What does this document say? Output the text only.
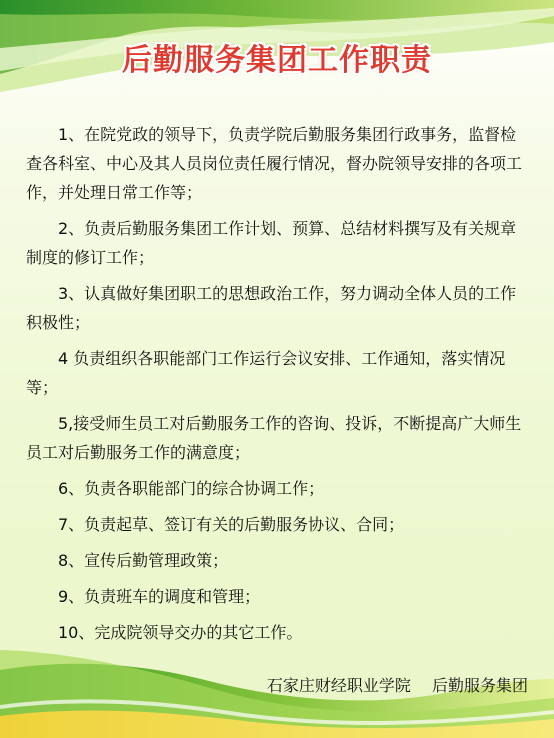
后勤服务集团工作职责

1、在院党政的领导下，负责学院后勤服务集团行政事务，监督检查各科室、中心及其人员岗位责任履行情况，督办院领导安排的各项工作，并处理日常工作等；

2、负责后勤服务集团工作计划、预算、总结材料撰写及有关规章制度的修订工作；

3、认真做好集团职工的思想政治工作，努力调动全体人员的工作积极性；

4 负责组织各职能部门工作运行会议安排、工作通知，落实情况等；

5,接受师生员工对后勤服务工作的咨询、投诉，不断提高广大师生员工对后勤服务工作的满意度；

6、负责各职能部门的综合协调工作；

7、负责起草、签订有关的后勤服务协议、合同；

8、宣传后勤管理政策；

9、负责班车的调度和管理；

10、完成院领导交办的其它工作。

石家庄财经职业学院 后勤服务集团
